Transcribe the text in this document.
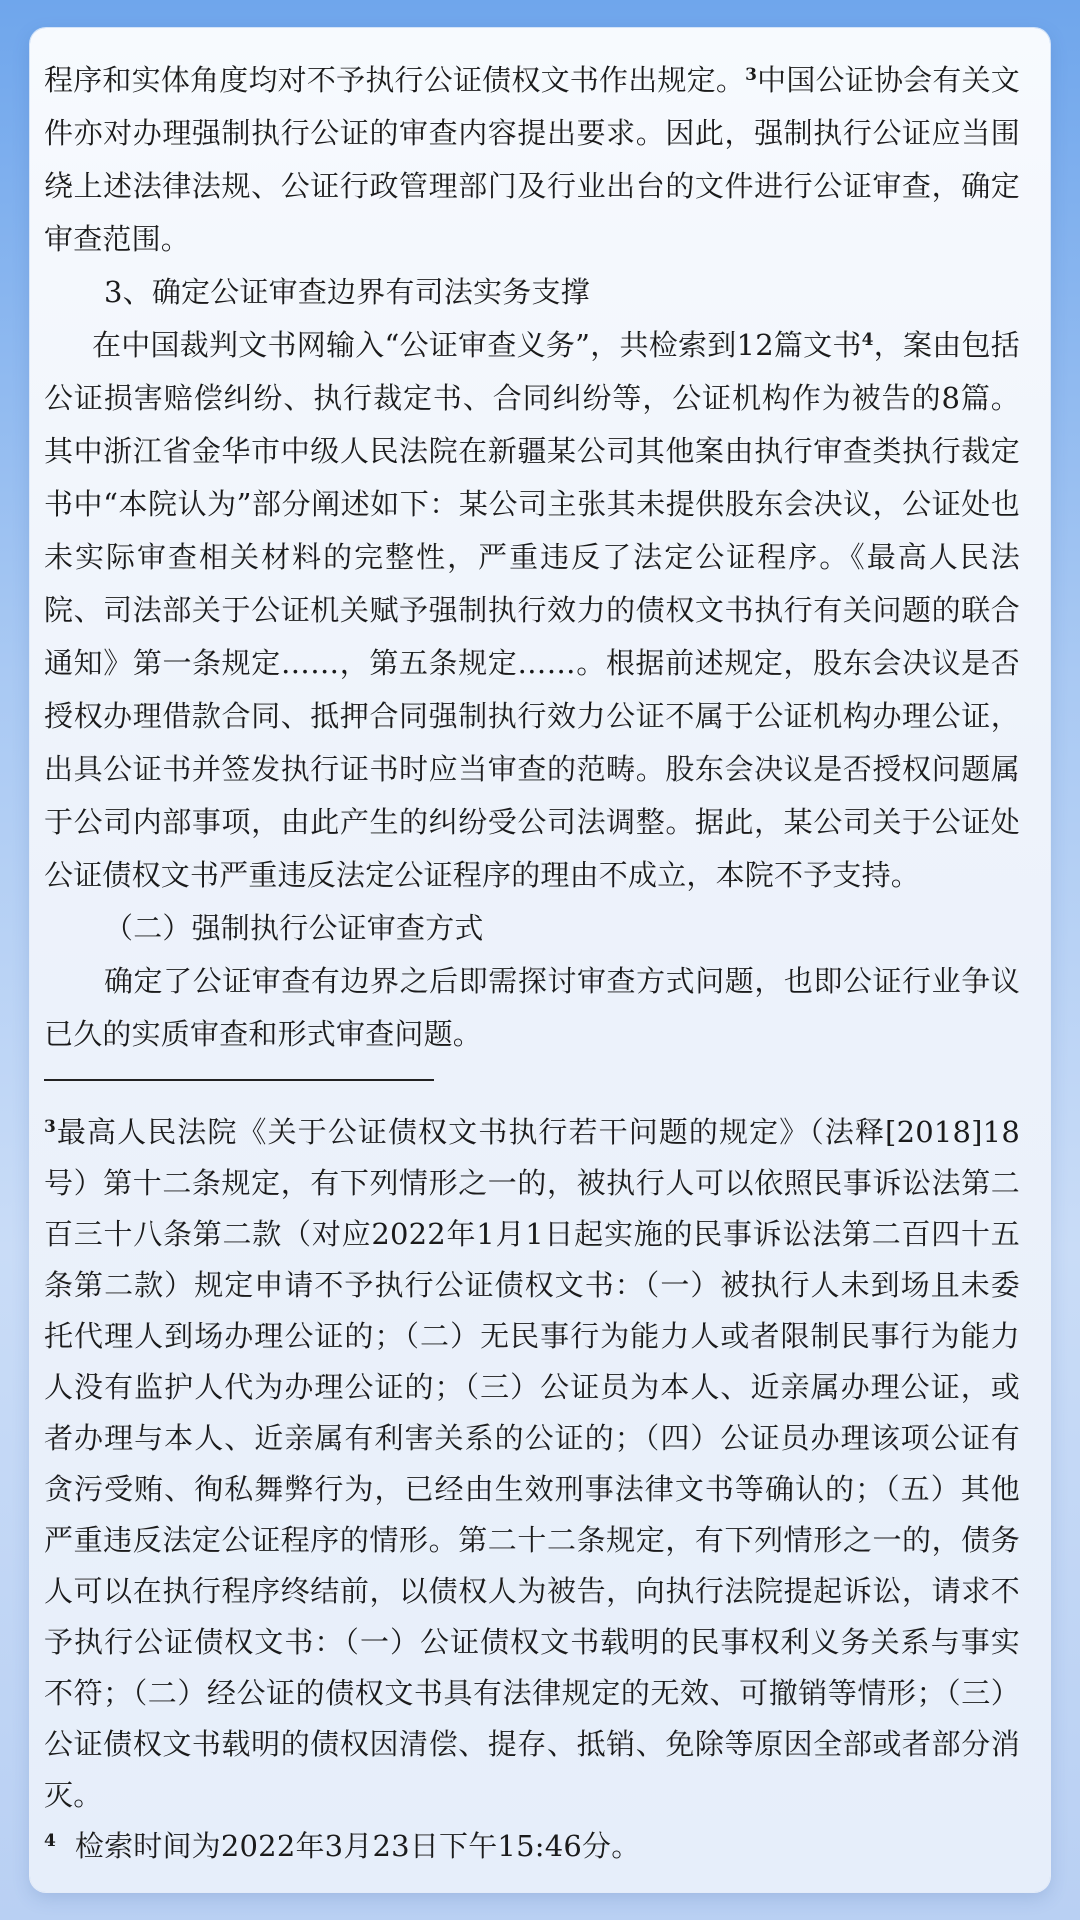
程序和实体角度均对不予执行公证债权文书作出规定。$^3$中国公证协会有关文件亦对办理强制执行公证的审查内容提出要求。因此，强制执行公证应当围绕上述法律法规、公证行政管理部门及行业出台的文件进行公证审查，确定审查范围。

3、确定公证审查边界有司法实务支撑

在中国裁判文书网输入“公证审查义务”，共检索到12篇文书$^4$，案由包括公证损害赔偿纠纷、执行裁定书、合同纠纷等，公证机构作为被告的8篇。其中浙江省金华市中级人民法院在新疆某公司其他案由执行审查类执行裁定书中“本院认为”部分阐述如下：某公司主张其未提供股东会决议，公证处也未实际审查相关材料的完整性，严重违反了法定公证程序。《最高人民法院、司法部关于公证机关赋予强制执行效力的债权文书执行有关问题的联合通知》第一条规定……，第五条规定……。根据前述规定，股东会决议是否授权办理借款合同、抵押合同强制执行效力公证不属于公证机构办理公证，出具公证书并签发执行证书时应当审查的范畴。股东会决议是否授权问题属于公司内部事项，由此产生的纠纷受公司法调整。据此，某公司关于公证处公证债权文书严重违反法定公证程序的理由不成立，本院不予支持。

（二）强制执行公证审查方式

确定了公证审查有边界之后即需探讨审查方式问题，也即公证行业争议已久的实质审查和形式审查问题。

$^3$最高人民法院《关于公证债权文书执行若干问题的规定》（法释[2018]18号）第十二条规定，有下列情形之一的，被执行人可以依照民事诉讼法第二百三十八条第二款（对应2022年1月1日起实施的民事诉讼法第二百四十五条第二款）规定申请不予执行公证债权文书：（一）被执行人未到场且未委托代理人到场办理公证的；（二）无民事行为能力人或者限制民事行为能力人没有监护人代为办理公证的；（三）公证员为本人、近亲属办理公证，或者办理与本人、近亲属有利害关系的公证的；（四）公证员办理该项公证有贪污受贿、徇私舞弊行为，已经由生效刑事法律文书等确认的；（五）其他严重违反法定公证程序的情形。第二十二条规定，有下列情形之一的，债务人可以在执行程序终结前，以债权人为被告，向执行法院提起诉讼，请求不予执行公证债权文书：（一）公证债权文书载明的民事权利义务关系与事实不符；（二）经公证的债权文书具有法律规定的无效、可撤销等情形；（三）公证债权文书载明的债权因清偿、提存、抵销、免除等原因全部或者部分消灭。

$^4$  检索时间为2022年3月23日下午15:46分。
